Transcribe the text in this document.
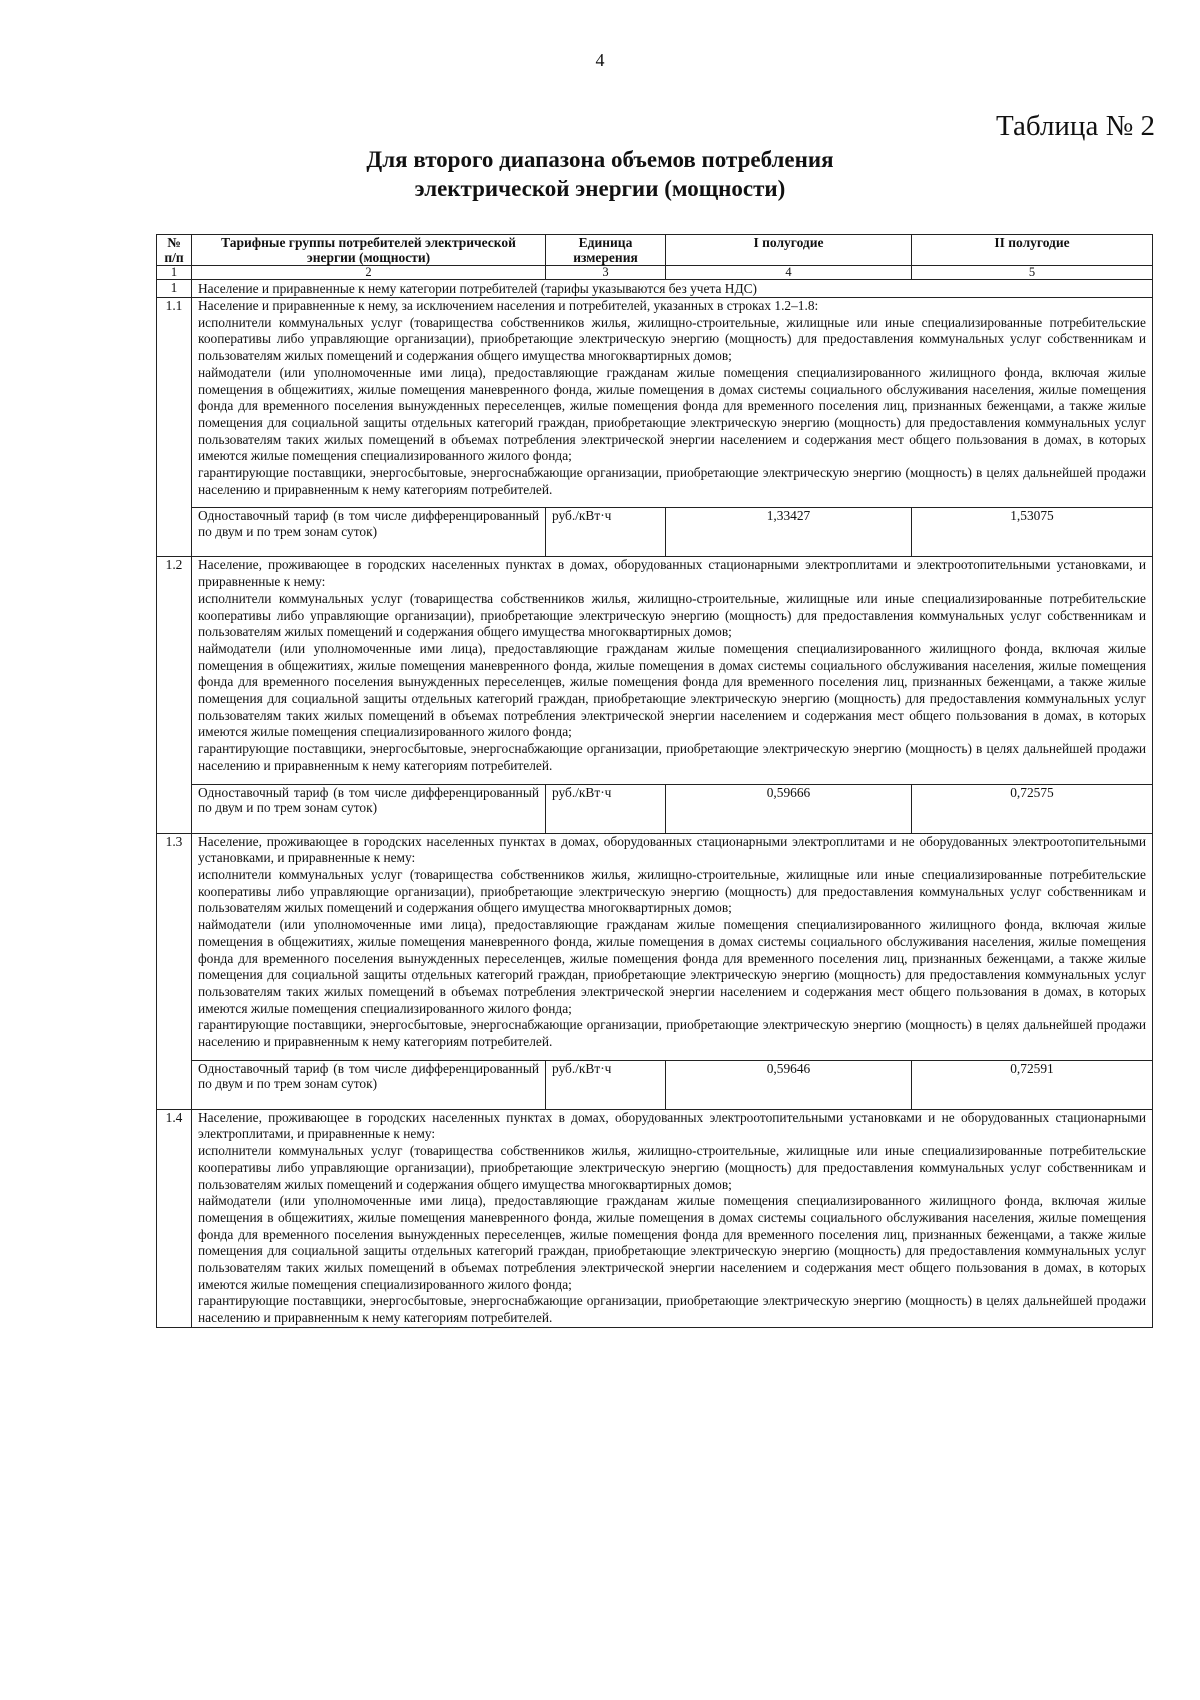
4
Таблица № 2
Для второго диапазона объемов потребления
электрической энергии (мощности)
№ п/п	Тарифные группы потребителей электрической энергии (мощности)	Единица измерения	I полугодие	II полугодие
1	2	3	4	5
1	Население и приравненные к нему категории потребителей (тарифы указываются без учета НДС)			
1.1	Население и приравненные к нему, за исключением населения и потребителей, указанных в строках 1.2–1.8:

исполнители коммунальных услуг (товарищества собственников жилья, жилищно-строительные, жилищные или иные специализированные потребительские кооперативы либо управляющие организации), приобретающие электрическую энергию (мощность) для предоставления коммунальных услуг собственникам и пользователям жилых помещений и содержания общего имущества многоквартирных домов;

наймодатели (или уполномоченные ими лица), предоставляющие гражданам жилые помещения специализированного жилищного фонда, включая жилые помещения в общежитиях, жилые помещения маневренного фонда, жилые помещения в домах системы социального обслуживания населения, жилые помещения фонда для временного поселения вынужденных переселенцев, жилые помещения фонда для временного поселения лиц, признанных беженцами, а также жилые помещения для социальной защиты отдельных категорий граждан, приобретающие электрическую энергию (мощность) для предоставления коммунальных услуг пользователям таких жилых помещений в объемах потребления электрической энергии населением и содержания мест общего пользования в домах, в которых имеются жилые помещения специализированного жилого фонда;

гарантирующие поставщики, энергосбытовые, энергоснабжающие организации, приобретающие электрическую энергию (мощность) в целях дальнейшей продажи населению и приравненным к нему категориям потребителей.			

	Одноставочный тариф (в том числе дифференцированный по двум и по трем зонам суток)	руб./кВт·ч	1,33427	1,53075
1.2	Население, проживающее в городских населенных пунктах в домах, оборудованных стационарными электроплитами и электроотопительными установками, и приравненные к нему:

исполнители коммунальных услуг (товарищества собственников жилья, жилищно-строительные, жилищные или иные специализированные потребительские кооперативы либо управляющие организации), приобретающие электрическую энергию (мощность) для предоставления коммунальных услуг собственникам и пользователям жилых помещений и содержания общего имущества многоквартирных домов;

наймодатели (или уполномоченные ими лица), предоставляющие гражданам жилые помещения специализированного жилищного фонда, включая жилые помещения в общежитиях, жилые помещения маневренного фонда, жилые помещения в домах системы социального обслуживания населения, жилые помещения фонда для временного поселения вынужденных переселенцев, жилые помещения фонда для временного поселения лиц, признанных беженцами, а также жилые помещения для социальной защиты отдельных категорий граждан, приобретающие электрическую энергию (мощность) для предоставления коммунальных услуг пользователям таких жилых помещений в объемах потребления электрической энергии населением и содержания мест общего пользования в домах, в которых имеются жилые помещения специализированного жилого фонда;

гарантирующие поставщики, энергосбытовые, энергоснабжающие организации, приобретающие электрическую энергию (мощность) в целях дальнейшей продажи населению и приравненным к нему категориям потребителей.			

	Одноставочный тариф (в том числе дифференцированный по двум и по трем зонам суток)	руб./кВт·ч	0,59666	0,72575
1.3	Население, проживающее в городских населенных пунктах в домах, оборудованных стационарными электроплитами и не оборудованных электроотопительными установками, и приравненные к нему:

исполнители коммунальных услуг (товарищества собственников жилья, жилищно-строительные, жилищные или иные специализированные потребительские кооперативы либо управляющие организации), приобретающие электрическую энергию (мощность) для предоставления коммунальных услуг собственникам и пользователям жилых помещений и содержания общего имущества многоквартирных домов;

наймодатели (или уполномоченные ими лица), предоставляющие гражданам жилые помещения специализированного жилищного фонда, включая жилые помещения в общежитиях, жилые помещения маневренного фонда, жилые помещения в домах системы социального обслуживания населения, жилые помещения фонда для временного поселения вынужденных переселенцев, жилые помещения фонда для временного поселения лиц, признанных беженцами, а также жилые помещения для социальной защиты отдельных категорий граждан, приобретающие электрическую энергию (мощность) для предоставления коммунальных услуг пользователям таких жилых помещений в объемах потребления электрической энергии населением и содержания мест общего пользования в домах, в которых имеются жилые помещения специализированного жилого фонда;

гарантирующие поставщики, энергосбытовые, энергоснабжающие организации, приобретающие электрическую энергию (мощность) в целях дальнейшей продажи населению и приравненным к нему категориям потребителей.			

	Одноставочный тариф (в том числе дифференцированный по двум и по трем зонам суток)	руб./кВт·ч	0,59646	0,72591
1.4	Население, проживающее в городских населенных пунктах в домах, оборудованных электроотопительными установками и не оборудованных стационарными электроплитами, и приравненные к нему:

исполнители коммунальных услуг (товарищества собственников жилья, жилищно-строительные, жилищные или иные специализированные потребительские кооперативы либо управляющие организации), приобретающие электрическую энергию (мощность) для предоставления коммунальных услуг собственникам и пользователям жилых помещений и содержания общего имущества многоквартирных домов;

наймодатели (или уполномоченные ими лица), предоставляющие гражданам жилые помещения специализированного жилищного фонда, включая жилые помещения в общежитиях, жилые помещения маневренного фонда, жилые помещения в домах системы социального обслуживания населения, жилые помещения фонда для временного поселения вынужденных переселенцев, жилые помещения фонда для временного поселения лиц, признанных беженцами, а также жилые помещения для социальной защиты отдельных категорий граждан, приобретающие электрическую энергию (мощность) для предоставления коммунальных услуг пользователям таких жилых помещений в объемах потребления электрической энергии населением и содержания мест общего пользования в домах, в которых имеются жилые помещения специализированного жилого фонда;

гарантирующие поставщики, энергосбытовые, энергоснабжающие организации, приобретающие электрическую энергию (мощность) в целях дальнейшей продажи населению и приравненным к нему категориям потребителей.			
